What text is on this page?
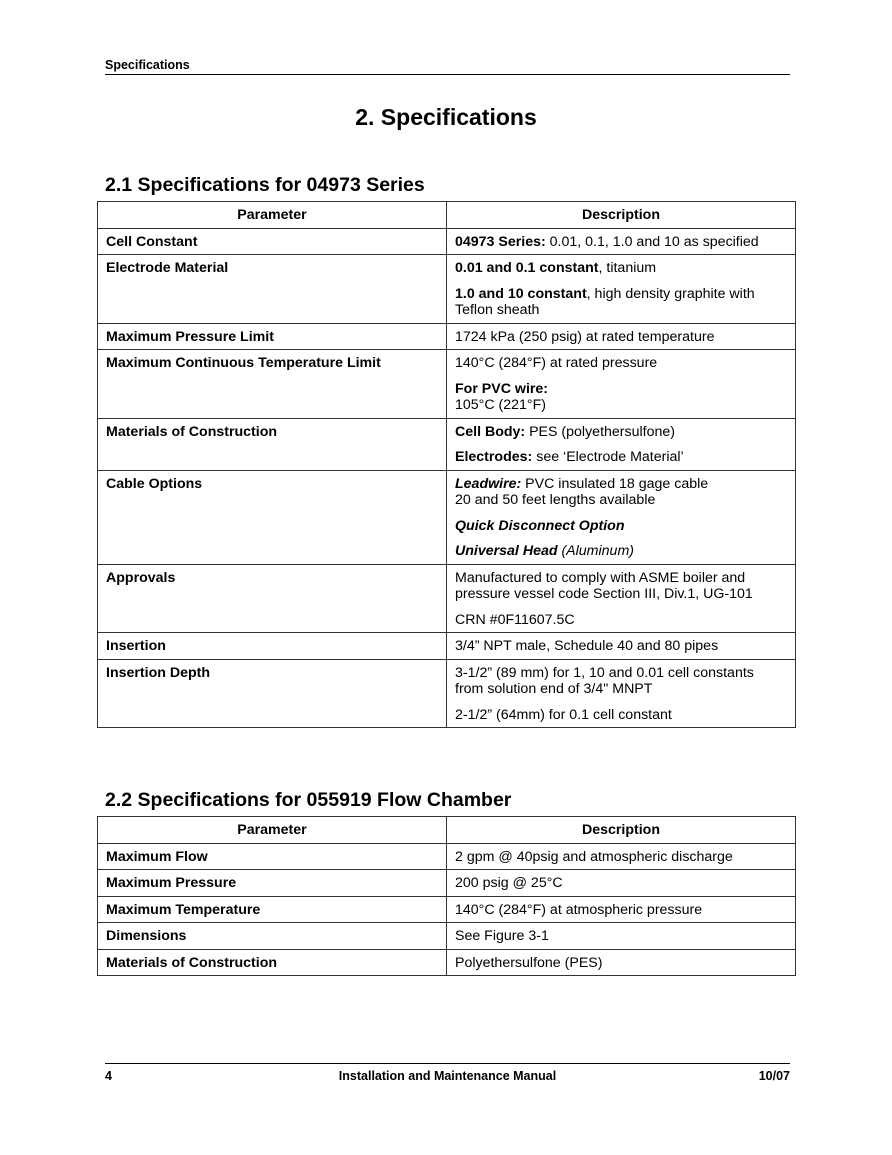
Specifications
2. Specifications
2.1 Specifications for 04973 Series
Parameter	Description
Cell Constant	04973 Series: 0.01, 0.1, 1.0 and 10 as specified

Electrode Material	0.01 and 0.1 constant, titanium
1.0 and 10 constant, high density graphite with
Teflon sheath

Maximum Pressure Limit	1724 kPa (250 psig) at rated temperature

Maximum Continuous Temperature Limit	140°C (284°F) at rated pressure
For PVC wire:
105°C (221°F)

Materials of Construction	Cell Body: PES (polyethersulfone)
Electrodes: see ‘Electrode Material’

Cable Options	Leadwire: PVC insulated 18 gage cable
20 and 50 feet lengths available
Quick Disconnect Option
Universal Head (Aluminum)

Approvals	Manufactured to comply with ASME boiler and
pressure vessel code Section III, Div.1, UG-101
CRN #0F11607.5C

Insertion	3/4” NPT male, Schedule 40 and 80 pipes

Insertion Depth	3-1/2” (89 mm) for 1, 10 and 0.01 cell constants
from solution end of 3/4" MNPT
2-1/2” (64mm) for 0.1 cell constant
2.2 Specifications for 055919 Flow Chamber
Parameter	Description
Maximum Flow	2 gpm @ 40psig and atmospheric discharge

Maximum Pressure	200 psig @ 25°C

Maximum Temperature	140°C (284°F) at atmospheric pressure

Dimensions	See Figure 3-1

Materials of Construction	Polyethersulfone (PES)
4	Installation and Maintenance Manual	10/07
